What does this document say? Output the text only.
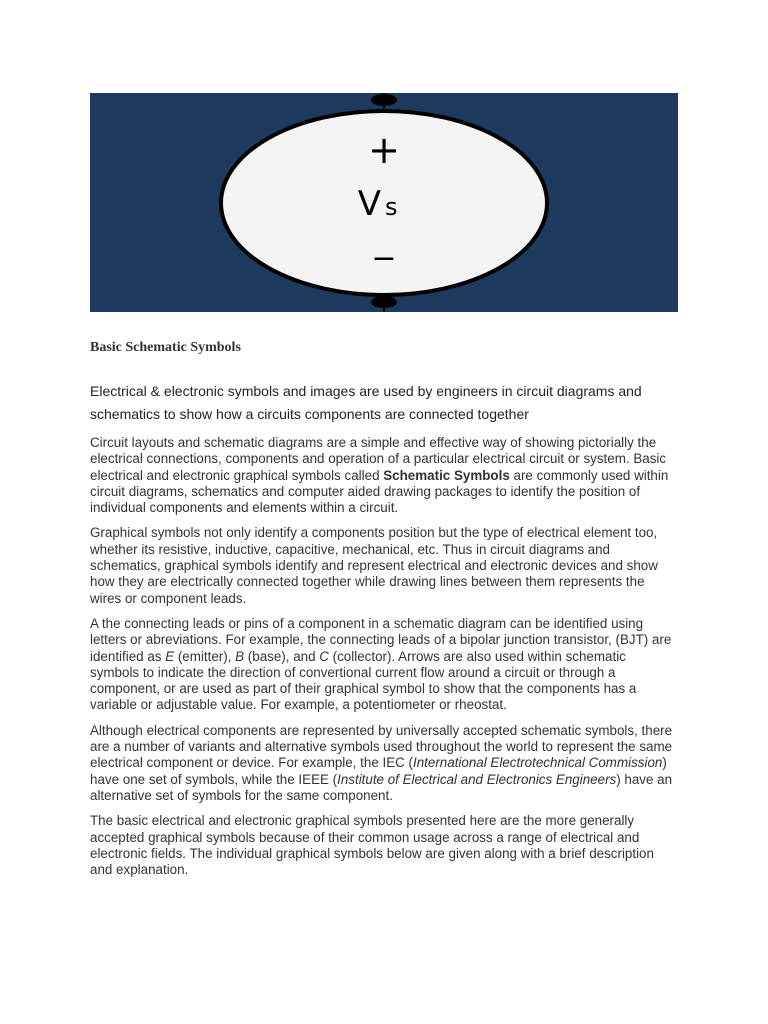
+
V s
−
Basic Schematic Symbols

Electrical & electronic symbols and images are used by engineers in circuit diagrams and schematics to show how a circuits components are connected together

Circuit layouts and schematic diagrams are a simple and effective way of showing pictorially the electrical connections, components and operation of a particular electrical circuit or system. Basic electrical and electronic graphical symbols called Schematic Symbols are commonly used within circuit diagrams, schematics and computer aided drawing packages to identify the position of individual components and elements within a circuit.

Graphical symbols not only identify a components position but the type of electrical element too, whether its resistive, inductive, capacitive, mechanical, etc. Thus in circuit diagrams and schematics, graphical symbols identify and represent electrical and electronic devices and show how they are electrically connected together while drawing lines between them represents the wires or component leads.

A the connecting leads or pins of a component in a schematic diagram can be identified using letters or abreviations. For example, the connecting leads of a bipolar junction transistor, (BJT) are identified as E (emitter), B (base), and C (collector). Arrows are also used within schematic symbols to indicate the direction of convertional current flow around a circuit or through a component, or are used as part of their graphical symbol to show that the components has a variable or adjustable value. For example, a potentiometer or rheostat.

Although electrical components are represented by universally accepted schematic symbols, there are a number of variants and alternative symbols used throughout the world to represent the same electrical component or device. For example, the IEC (International Electrotechnical Commission) have one set of symbols, while the IEEE (Institute of Electrical and Electronics Engineers) have an alternative set of symbols for the same component.

The basic electrical and electronic graphical symbols presented here are the more generally accepted graphical symbols because of their common usage across a range of electrical and electronic fields. The individual graphical symbols below are given along with a brief description and explanation.
